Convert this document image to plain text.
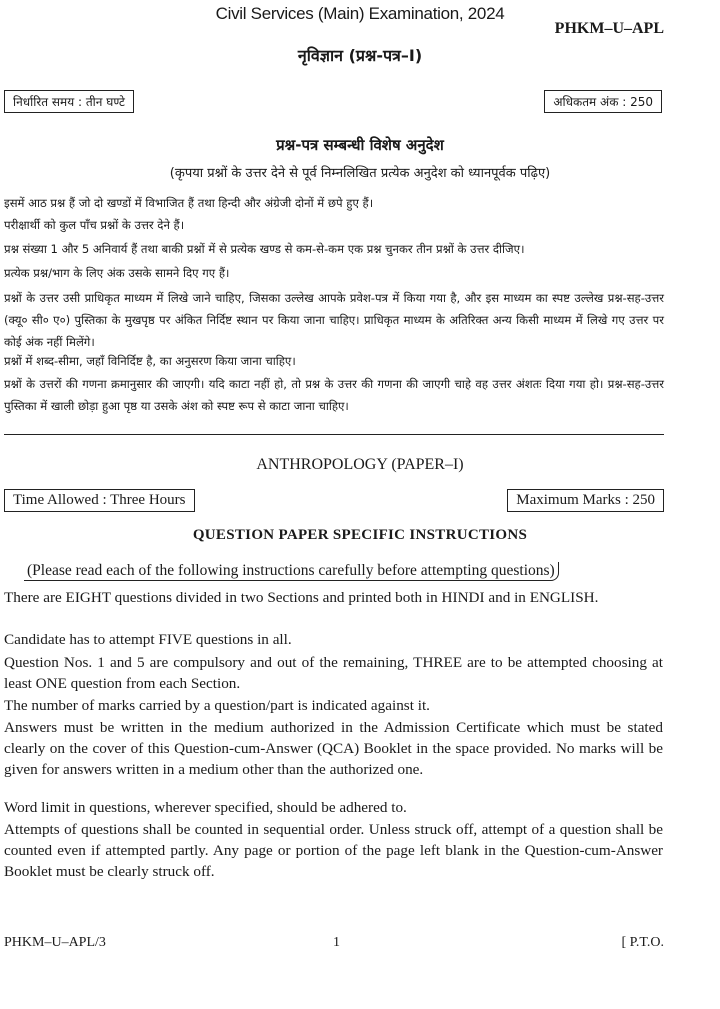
Civil Services (Main) Examination, 2024
PHKM–U–APL
नृविज्ञान (प्रश्न-पत्र–I)
निर्धारित समय : तीन घण्टे	अधिकतम अंक : 250
प्रश्न-पत्र सम्बन्धी विशेष अनुदेश
(कृपया प्रश्नों के उत्तर देने से पूर्व निम्नलिखित प्रत्येक अनुदेश को ध्यानपूर्वक पढ़िए)
इसमें आठ प्रश्न हैं जो दो खण्डों में विभाजित हैं तथा हिन्दी और अंग्रेजी दोनों में छपे हुए हैं।
परीक्षार्थी को कुल पाँच प्रश्नों के उत्तर देने हैं।
प्रश्न संख्या 1 और 5 अनिवार्य हैं तथा बाकी प्रश्नों में से प्रत्येक खण्ड से कम-से-कम एक प्रश्न चुनकर तीन प्रश्नों के उत्तर दीजिए।
प्रत्येक प्रश्न/भाग के लिए अंक उसके सामने दिए गए हैं।
प्रश्नों के उत्तर उसी प्राधिकृत माध्यम में लिखे जाने चाहिए, जिसका उल्लेख आपके प्रवेश-पत्र में किया गया है, और इस माध्यम का स्पष्ट उल्लेख प्रश्न-सह-उत्तर (क्यू० सी० ए०) पुस्तिका के मुखपृष्ठ पर अंकित निर्दिष्ट स्थान पर किया जाना चाहिए। प्राधिकृत माध्यम के अतिरिक्त अन्य किसी माध्यम में लिखे गए उत्तर पर कोई अंक नहीं मिलेंगे।
प्रश्नों में शब्द-सीमा, जहाँ विनिर्दिष्ट है, का अनुसरण किया जाना चाहिए।
प्रश्नों के उत्तरों की गणना क्रमानुसार की जाएगी। यदि काटा नहीं हो, तो प्रश्न के उत्तर की गणना की जाएगी चाहे वह उत्तर अंशतः दिया गया हो। प्रश्न-सह-उत्तर पुस्तिका में खाली छोड़ा हुआ पृष्ठ या उसके अंश को स्पष्ट रूप से काटा जाना चाहिए।
ANTHROPOLOGY (PAPER–I)
Time Allowed : Three Hours	Maximum Marks : 250
QUESTION PAPER SPECIFIC INSTRUCTIONS
(Please read each of the following instructions carefully before attempting questions)
There are EIGHT questions divided in two Sections and printed both in HINDI and in ENGLISH.
Candidate has to attempt FIVE questions in all.
Question Nos. 1 and 5 are compulsory and out of the remaining, THREE are to be attempted choosing at least ONE question from each Section.
The number of marks carried by a question/part is indicated against it.
Answers must be written in the medium authorized in the Admission Certificate which must be stated clearly on the cover of this Question-cum-Answer (QCA) Booklet in the space provided. No marks will be given for answers written in a medium other than the authorized one.
Word limit in questions, wherever specified, should be adhered to.
Attempts of questions shall be counted in sequential order. Unless struck off, attempt of a question shall be counted even if attempted partly. Any page or portion of the page left blank in the Question-cum-Answer Booklet must be clearly struck off.
PHKM–U–APL/3	1	[ P.T.O.
